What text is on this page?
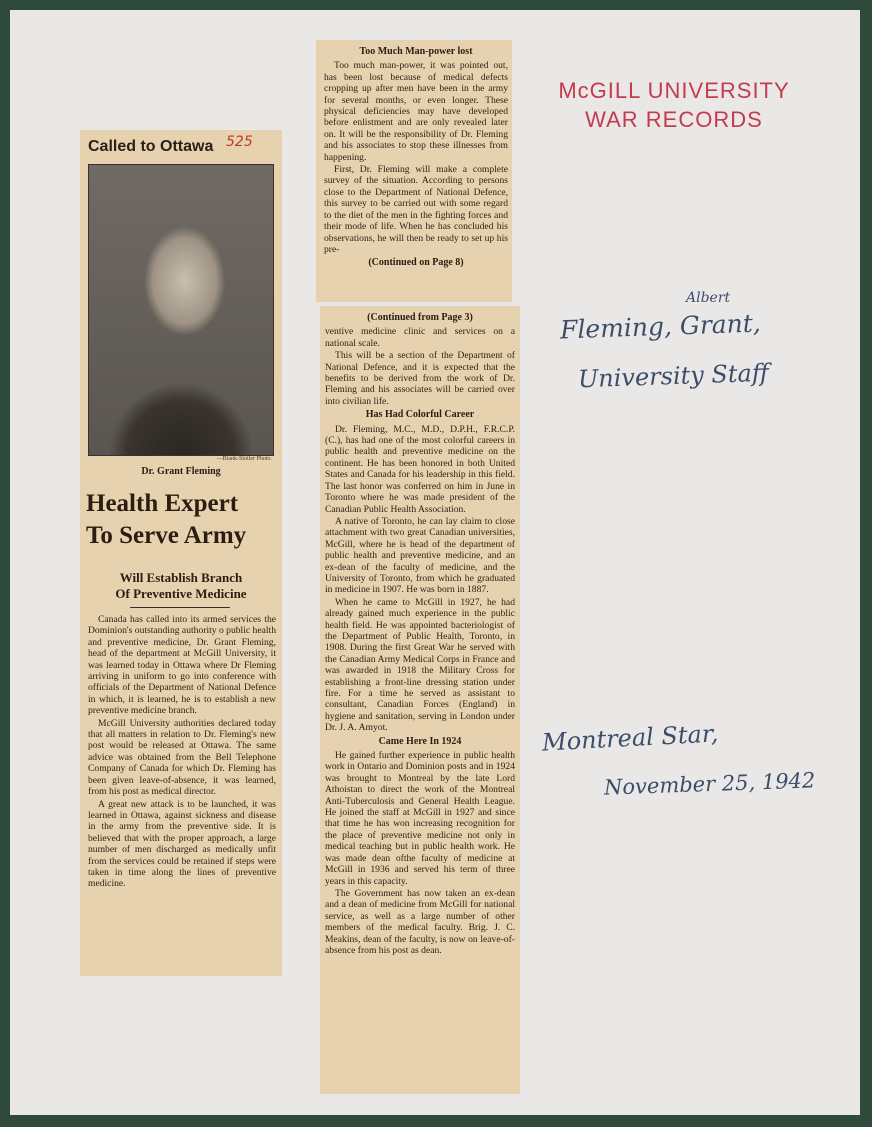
McGILL UNIVERSITY
WAR RECORDS
Albert
Fleming, Grant,
University Staff
Montreal Star,
November 25, 1942
Called to Ottawa 525
—Blank-Stoller Photo.
Dr. Grant Fleming
Health Expert
To Serve Army
Will Establish Branch
Of Preventive Medicine

Canada has called into its armed services the Dominion's outstanding authority o public health and preventive medicine, Dr. Grant Fleming, head of the department at McGill University, it was learned today in Ottawa where Dr Fleming arriving in uniform to go into conference with officials of the Department of National Defence in which, it is learned, he is to establish a new preventive medicine branch.

McGill University authorities declared today that all matters in relation to Dr. Fleming's new post would be released at Ottawa. The same advice was obtained from the Bell Telephone Company of Canada for which Dr. Fleming has been given leave-of-absence, it was learned, from his post as medical director.

A great new attack is to be launched, it was learned in Ottawa, against sickness and disease in the army from the preventive side. It is believed that with the proper approach, a large number of men discharged as medically unfit from the services could be retained if steps were taken in time along the lines of preventive medicine.

Too Much Man-power lost

Too much man-power, it was pointed out, has been lost because of medical defects cropping up after men have been in the army for several months, or even longer. These physical deficiencies may have developed before enlistment and are only revealed later on. It will be the responsibility of Dr. Fleming and his associates to stop these illnesses from happening.

First, Dr. Fleming will make a complete survey of the situation. According to persons close to the Department of National Defence, this survey to be carried out with some regard to the diet of the men in the fighting forces and their mode of life. When he has concluded his observations, he will then be ready to set up his pre-

(Continued on Page 8)
(Continued from Page 3)

ventive medicine clinic and services on a national scale.

This will be a section of the Department of National Defence, and it is expected that the benefits to be derived from the work of Dr. Fleming and his associates will be carried over into civilian life.

Has Had Colorful Career

Dr. Fleming, M.C., M.D., D.P.H., F.R.C.P. (C.), has had one of the most colorful careers in public health and preventive medicine on the continent. He has been honored in both United States and Canada for his leadership in this field. The last honor was conferred on him in June in Toronto where he was made president of the Canadian Public Health Association.

A native of Toronto, he can lay claim to close attachment with two great Canadian universities, McGill, where he is head of the department of public health and preventive medicine, and an ex-dean of the faculty of medicine, and the University of Toronto, from which he graduated in medicine in 1907. He was born in 1887.

When he came to McGill in 1927, he had already gained much experience in the public health field. He was appointed bacteriologist of the Department of Public Health, Toronto, in 1908. During the first Great War he served with the Canadian Army Medical Corps in France and was awarded in 1918 the Military Cross for establishing a front-line dressing station under fire. For a time he served as assistant to consultant, Canadian Forces (England) in hygiene and sanitation, serving in London under Dr. J. A. Amyot.

Came Here In 1924

He gained further experience in public health work in Ontario and Dominion posts and in 1924 was brought to Montreal by the late Lord Athoistan to direct the work of the Montreal Anti-Tuberculosis and General Health League. He joined the staff at McGill in 1927 and since that time he has won increasing recognition for the place of preventive medicine not only in medical teaching but in public health work. He was made dean ofthe faculty of medicine at McGill in 1936 and served his term of three years in this capacity.

The Government has now taken an ex-dean and a dean of medicine from McGill for national service, as well as a large number of other members of the medical faculty. Brig. J. C. Meakins, dean of the faculty, is now on leave-of-absence from his post as dean.
